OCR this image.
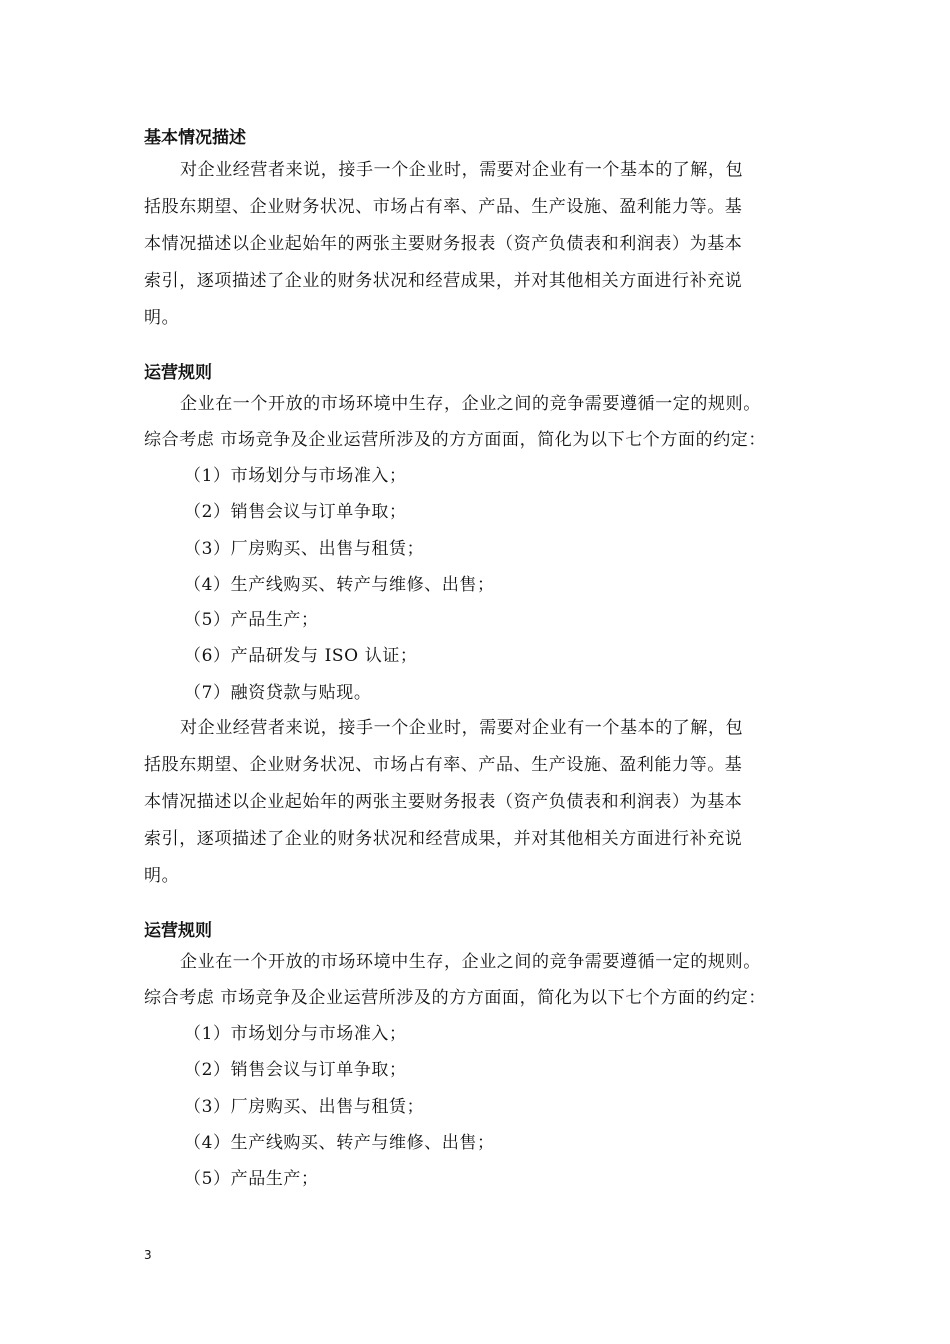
基本情况描述
对企业经营者来说，接手一个企业时，需要对企业有一个基本的了解，包
括股东期望、企业财务状况、市场占有率、产品、生产设施、盈利能力等。基
本情况描述以企业起始年的两张主要财务报表（资产负债表和利润表）为基本
索引，逐项描述了企业的财务状况和经营成果，并对其他相关方面进行补充说
明。
运营规则
企业在一个开放的市场环境中生存，企业之间的竞争需要遵循一定的规则。
综合考虑 市场竞争及企业运营所涉及的方方面面，简化为以下七个方面的约定：
（1）市场划分与市场准入；
（2）销售会议与订单争取；
（3）厂房购买、出售与租赁；
（4）生产线购买、转产与维修、出售；
（5）产品生产；
（6）产品研发与 ISO 认证；
（7）融资贷款与贴现。
对企业经营者来说，接手一个企业时，需要对企业有一个基本的了解，包
括股东期望、企业财务状况、市场占有率、产品、生产设施、盈利能力等。基
本情况描述以企业起始年的两张主要财务报表（资产负债表和利润表）为基本
索引，逐项描述了企业的财务状况和经营成果，并对其他相关方面进行补充说
明。
运营规则
企业在一个开放的市场环境中生存，企业之间的竞争需要遵循一定的规则。
综合考虑 市场竞争及企业运营所涉及的方方面面，简化为以下七个方面的约定：
（1）市场划分与市场准入；
（2）销售会议与订单争取；
（3）厂房购买、出售与租赁；
（4）生产线购买、转产与维修、出售；
（5）产品生产；
3
